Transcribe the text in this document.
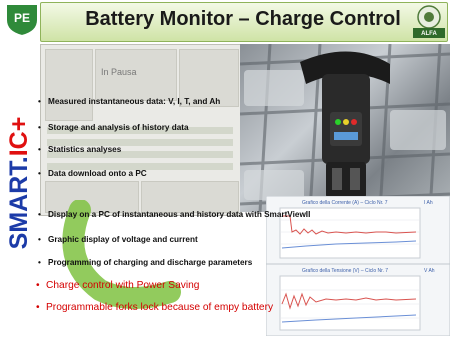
PE	Battery Monitor – Charge Control
ALFA
SMART.IC+
In Pausa
Grafico della Corrente (A) – Ciclo Nr. 7	I Ah
Grafico della Tensione (V) – Ciclo Nr. 7	V Ah
• Measured instantaneous data: V, I, T, and Ah
• Storage and analysis of history data
• Statistics analyses
• Data download onto a PC
• Display on a PC of instantaneous and history data with SmartViewII
• Graphic display of voltage and current
• Programming of charging and discharge parameters
• Charge control with Power Saving
• Programmable forks lock because of empy battery
